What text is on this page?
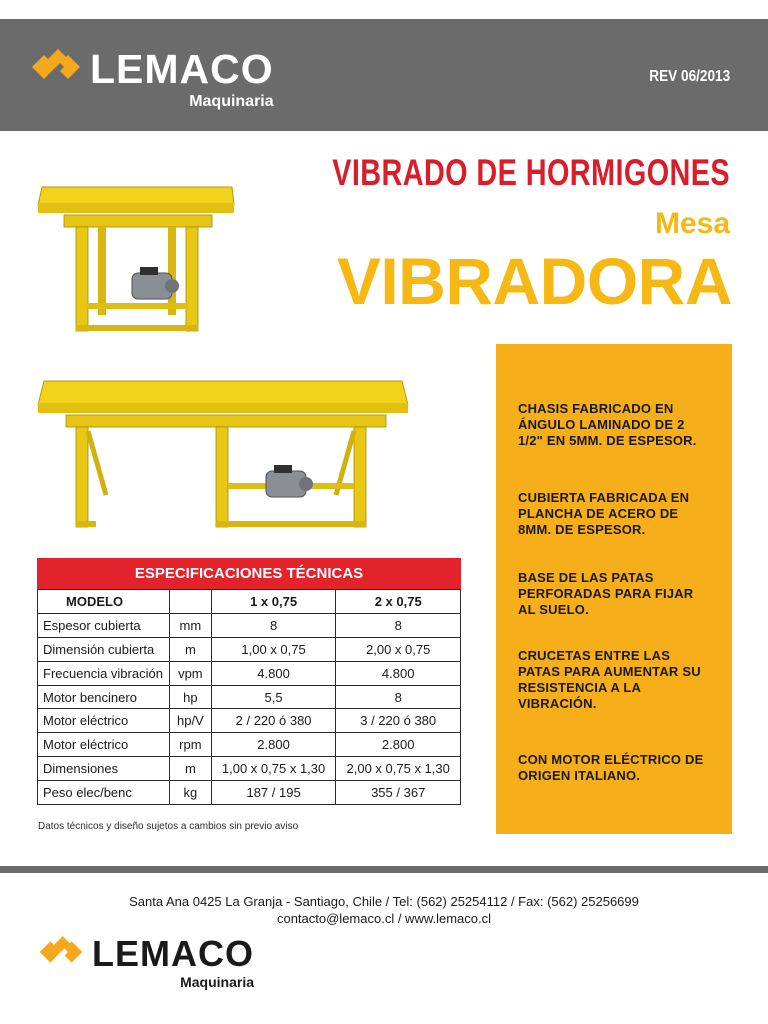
LEMACO
Maquinaria
REV 06/2013
VIBRADO DE HORMIGONES
Mesa
VIBRADORA
CHASIS FABRICADO EN ÁNGULO LAMINADO DE 2 1/2" EN 5MM. DE ESPESOR.
CUBIERTA FABRICADA EN PLANCHA DE ACERO DE 8MM. DE ESPESOR.
BASE DE LAS PATAS PERFORADAS PARA FIJAR AL SUELO.
CRUCETAS ENTRE LAS PATAS PARA AUMENTAR SU RESISTENCIA A LA VIBRACIÓN.
CON MOTOR ELÉCTRICO DE ORIGEN ITALIANO.
ESPECIFICACIONES TÉCNICAS
MODELO		1 x 0,75	2 x 0,75
Espesor cubierta	mm	8	8
Dimensión cubierta	m	1,00 x 0,75	2,00 x 0,75
Frecuencia vibración	vpm	4.800	4.800
Motor bencinero	hp	5,5	8
Motor eléctrico	hp/V	2 / 220 ó 380	3 / 220 ó 380
Motor eléctrico	rpm	2.800	2.800
Dimensiones	m	1,00 x 0,75 x 1,30	2,00 x 0,75 x 1,30
Peso elec/benc	kg	187 / 195	355 / 367
Datos técnicos y diseño sujetos a cambios sin previo aviso
Santa Ana 0425 La Granja - Santiago, Chile / Tel: (562) 25254112 / Fax: (562) 25256699
contacto@lemaco.cl / www.lemaco.cl
LEMACO
Maquinaria
